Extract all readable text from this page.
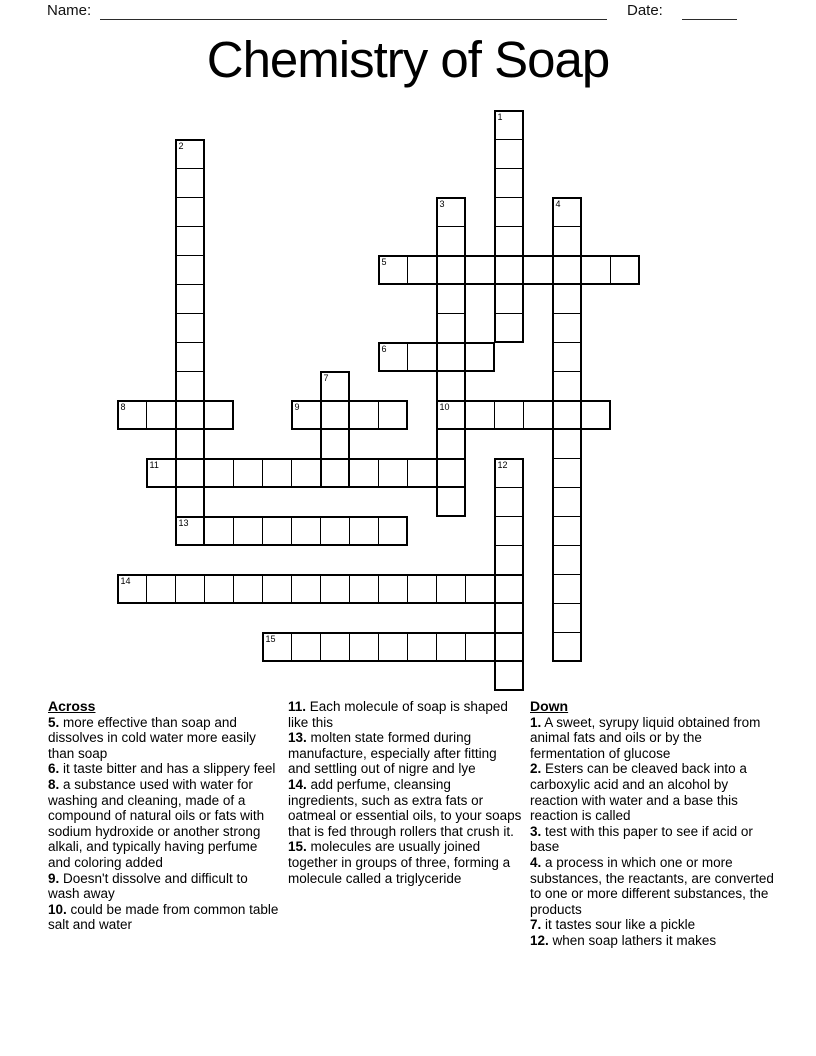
Name:	Date:
Chemistry of Soap
1
2
3	4
5
6
7
8	9	10
11	12
13
14
15
Across
5. more effective than soap and dissolves in cold water more easily than soap
6. it taste bitter and has a slippery feel
8. a substance used with water for washing and cleaning, made of a compound of natural oils or fats with sodium hydroxide or another strong alkali, and typically having perfume and coloring added
9. Doesn't dissolve and difficult to wash away
10. could be made from common table salt and water
11. Each molecule of soap is shaped like this
13. molten state formed during manufacture, especially after fitting and settling out of nigre and lye
14. add perfume, cleansing ingredients, such as extra fats or oatmeal or essential oils, to your soaps that is fed through rollers that crush it.
15. molecules are usually joined together in groups of three, forming a molecule called a triglyceride
Down
1. A sweet, syrupy liquid obtained from animal fats and oils or by the fermentation of glucose
2. Esters can be cleaved back into a carboxylic acid and an alcohol by reaction with water and a base this reaction is called
3. test with this paper to see if acid or base
4. a process in which one or more substances, the reactants, are converted to one or more different substances, the products
7. it tastes sour like a pickle
12. when soap lathers it makes
